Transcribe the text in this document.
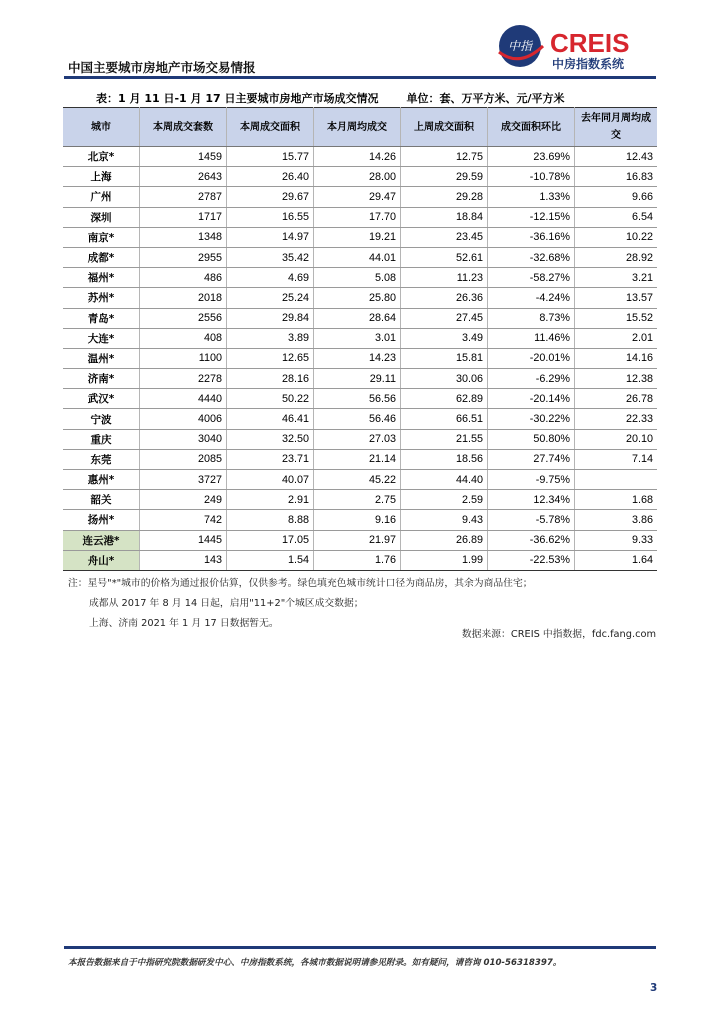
中国主要城市房地产市场交易情报
中指 CREIS
中房指数系统
表：1 月 11 日-1 月 17 日主要城市房地产市场成交情况	单位：套、万平方米、元/平方米
城市	本周成交套数	本周成交面积	本月周均成交	上周成交面积	成交面积环比	去年同月周均成交
北京*	1459	15.77	14.26	12.75	23.69%	12.43
上海	2643	26.40	28.00	29.59	-10.78%	16.83
广州	2787	29.67	29.47	29.28	1.33%	9.66
深圳	1717	16.55	17.70	18.84	-12.15%	6.54
南京*	1348	14.97	19.21	23.45	-36.16%	10.22
成都*	2955	35.42	44.01	52.61	-32.68%	28.92
福州*	486	4.69	5.08	11.23	-58.27%	3.21
苏州*	2018	25.24	25.80	26.36	-4.24%	13.57
青岛*	2556	29.84	28.64	27.45	8.73%	15.52
大连*	408	3.89	3.01	3.49	11.46%	2.01
温州*	1100	12.65	14.23	15.81	-20.01%	14.16
济南*	2278	28.16	29.11	30.06	-6.29%	12.38
武汉*	4440	50.22	56.56	62.89	-20.14%	26.78
宁波	4006	46.41	56.46	66.51	-30.22%	22.33
重庆	3040	32.50	27.03	21.55	50.80%	20.10
东莞	2085	23.71	21.14	18.56	27.74%	7.14
惠州*	3727	40.07	45.22	44.40	-9.75%	
韶关	249	2.91	2.75	2.59	12.34%	1.68
扬州*	742	8.88	9.16	9.43	-5.78%	3.86
连云港*	1445	17.05	21.97	26.89	-36.62%	9.33
舟山*	143	1.54	1.76	1.99	-22.53%	1.64
注：星号"*"城市的价格为通过报价估算，仅供参考。绿色填充色城市统计口径为商品房，其余为商品住宅；
成都从 2017 年 8 月 14 日起，启用"11+2"个城区成交数据；
上海、济南 2021 年 1 月 17 日数据暂无。
数据来源：CREIS 中指数据，fdc.fang.com
本报告数据来自于中指研究院数据研发中心、中房指数系统，各城市数据说明请参见附录。如有疑问，请咨询 010-56318397。
3
